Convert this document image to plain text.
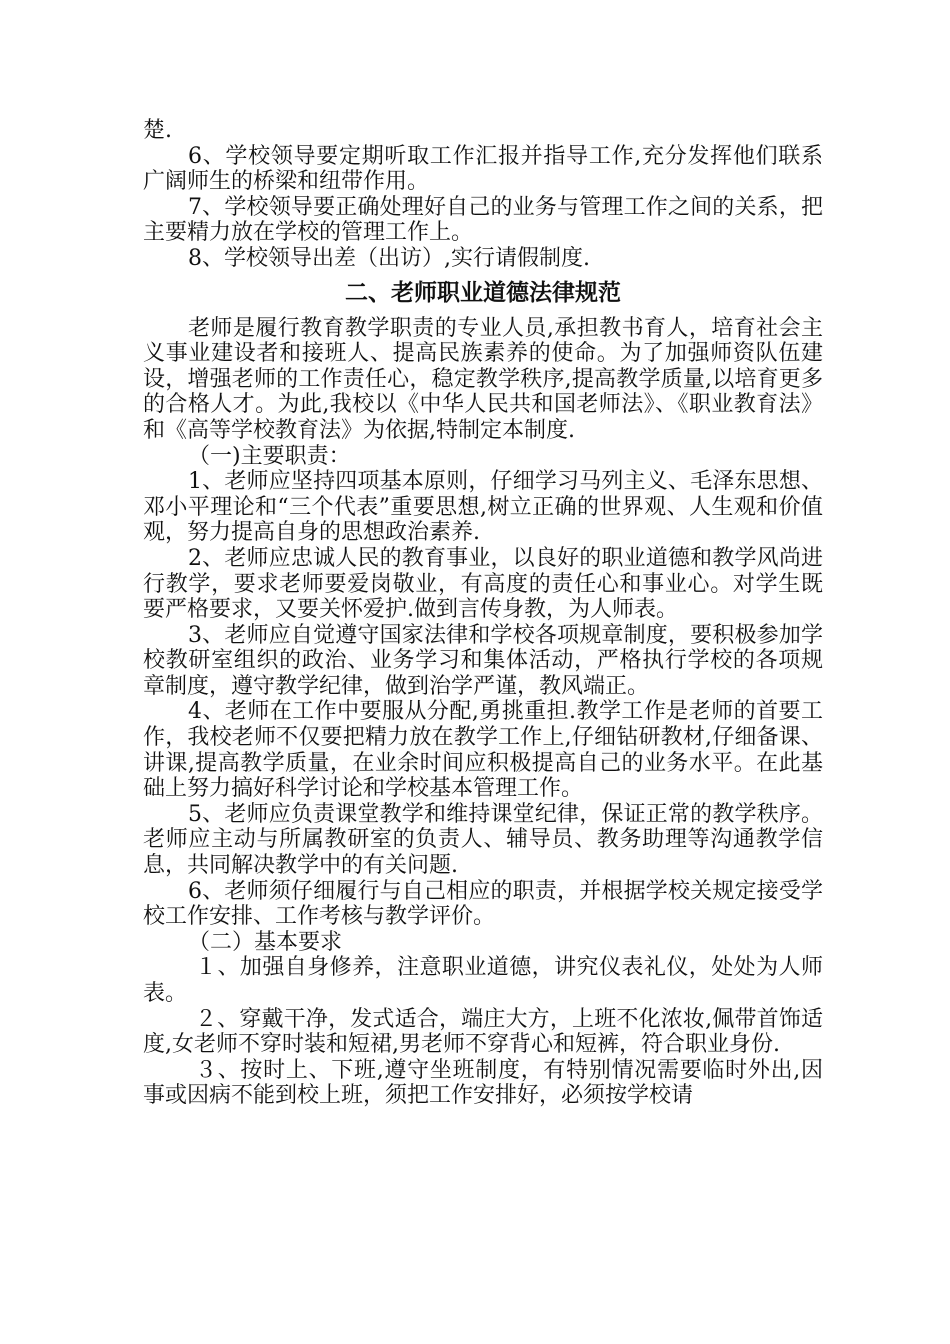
楚.

6、学校领导要定期听取工作汇报并指导工作,充分发挥他们联系广阔师生的桥梁和纽带作用。

7、学校领导要正确处理好自己的业务与管理工作之间的关系，把主要精力放在学校的管理工作上。

8、学校领导出差（出访）,实行请假制度.

二、老师职业道德法律规范

老师是履行教育教学职责的专业人员,承担教书育人，培育社会主义事业建设者和接班人、提高民族素养的使命。为了加强师资队伍建设，增强老师的工作责任心，稳定教学秩序,提高教学质量,以培育更多的合格人才。为此,我校以《中华人民共和国老师法》、《职业教育法》和《高等学校教育法》为依据,特制定本制度.

（一)主要职责：

1、老师应坚持四项基本原则，仔细学习马列主义、毛泽东思想、邓小平理论和“三个代表”重要思想,树立正确的世界观、人生观和价值观，努力提高自身的思想政治素养.

2、老师应忠诚人民的教育事业，以良好的职业道德和教学风尚进行教学，要求老师要爱岗敬业，有高度的责任心和事业心。对学生既要严格要求，又要关怀爱护.做到言传身教，为人师表。

3、老师应自觉遵守国家法律和学校各项规章制度，要积极参加学校教研室组织的政治、业务学习和集体活动，严格执行学校的各项规章制度，遵守教学纪律，做到治学严谨，教风端正。

4、老师在工作中要服从分配,勇挑重担.教学工作是老师的首要工作，我校老师不仅要把精力放在教学工作上,仔细钻研教材,仔细备课、讲课,提高教学质量，在业余时间应积极提高自己的业务水平。在此基础上努力搞好科学讨论和学校基本管理工作。

5、老师应负责课堂教学和维持课堂纪律，保证正常的教学秩序。老师应主动与所属教研室的负责人、辅导员、教务助理等沟通教学信息，共同解决教学中的有关问题.

6、老师须仔细履行与自己相应的职责，并根据学校关规定接受学校工作安排、工作考核与教学评价。

（二）基本要求

１、加强自身修养，注意职业道德，讲究仪表礼仪，处处为人师表。

２、穿戴干净，发式适合，端庄大方，上班不化浓妆,佩带首饰适度,女老师不穿时装和短裙,男老师不穿背心和短裤，符合职业身份.

３、按时上、下班,遵守坐班制度，有特别情况需要临时外出,因事或因病不能到校上班，须把工作安排好，必须按学校请
